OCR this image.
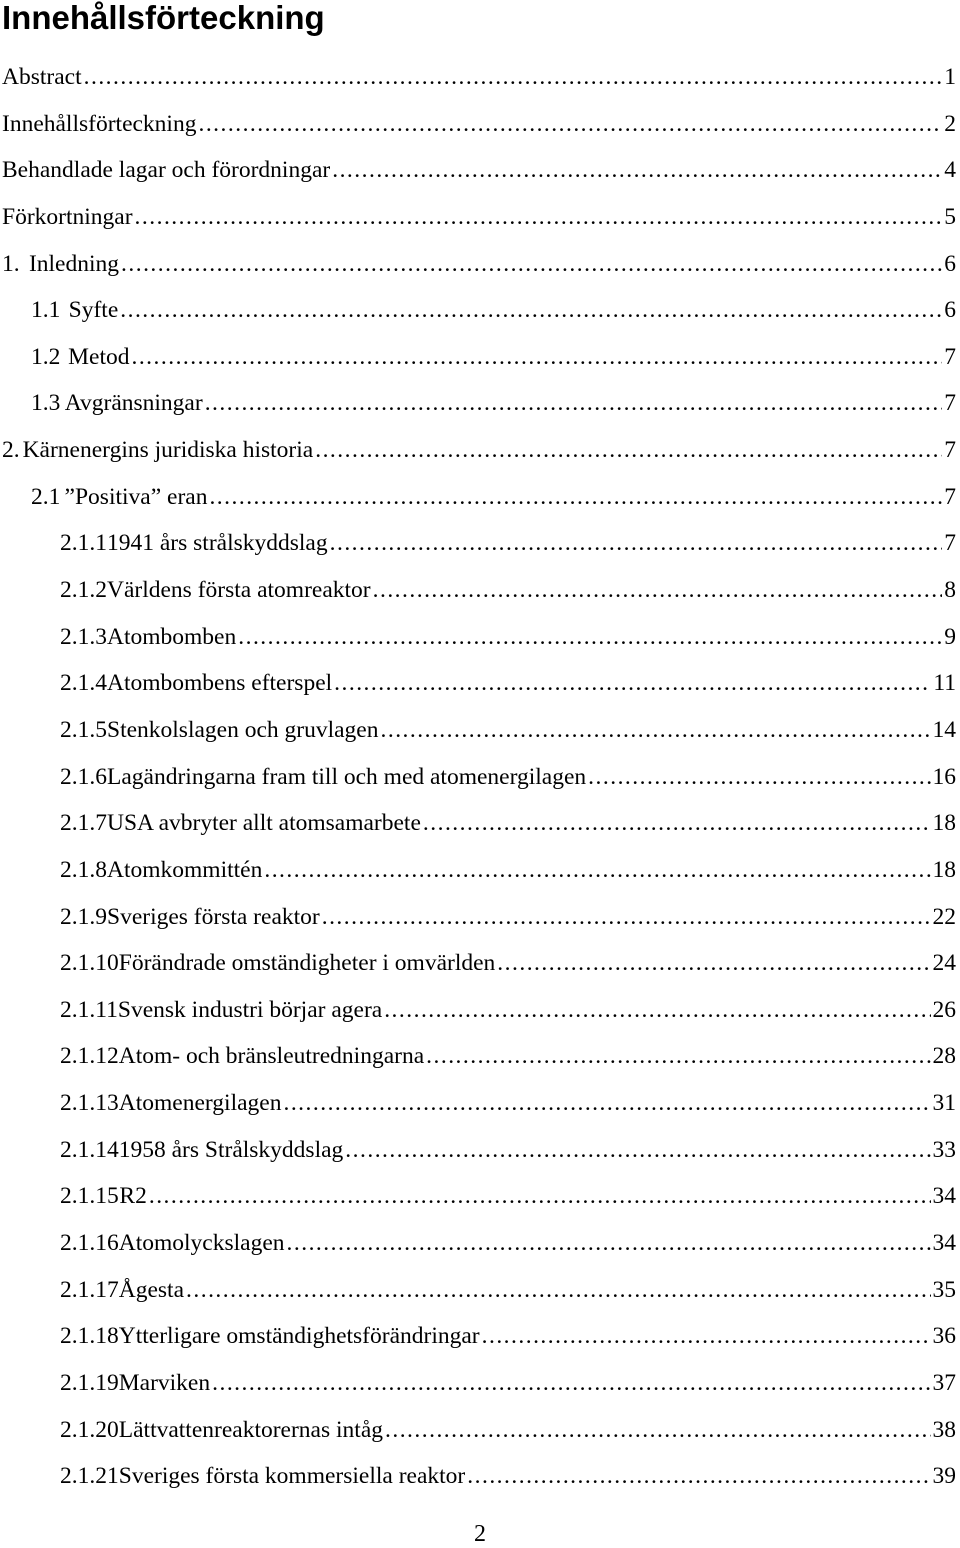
Innehållsförteckning
Abstract . . .	1
Innehållsförteckning . . .	2
Behandlade lagar och förordningar . . .	4
Förkortningar . . .	5
1. Inledning . . .	6
1.1 Syfte . . .	6
1.2 Metod . . .	7
1.3 Avgränsningar . . .	7
2. Kärnenergins juridiska historia . . .	7
2.1 ”Positiva” eran . . .	7
2.1.1 1941 års strålskyddslag . . .	7
2.1.2 Världens första atomreaktor . . .	8
2.1.3 Atombomben . . .	9
2.1.4 Atombombens efterspel . . .	11
2.1.5 Stenkolslagen och gruvlagen . . .	14
2.1.6 Lagändringarna fram till och med atomenergilagen . . .	16
2.1.7 USA avbryter allt atomsamarbete . . .	18
2.1.8 Atomkommittén . . .	18
2.1.9 Sveriges första reaktor . . .	22
2.1.10 Förändrade omständigheter i omvärlden . . .	24
2.1.11 Svensk industri börjar agera . . .	26
2.1.12 Atom- och bränsleutredningarna . . .	28
2.1.13 Atomenergilagen . . .	31
2.1.14 1958 års Strålskyddslag . . .	33
2.1.15 R2 . . .	34
2.1.16 Atomolyckslagen . . .	34
2.1.17 Ågesta . . .	35
2.1.18 Ytterligare omständighetsförändringar . . .	36
2.1.19 Marviken . . .	37
2.1.20 Lättvattenreaktorernas intåg . . .	38
2.1.21 Sveriges första kommersiella reaktor . . .	39
2
